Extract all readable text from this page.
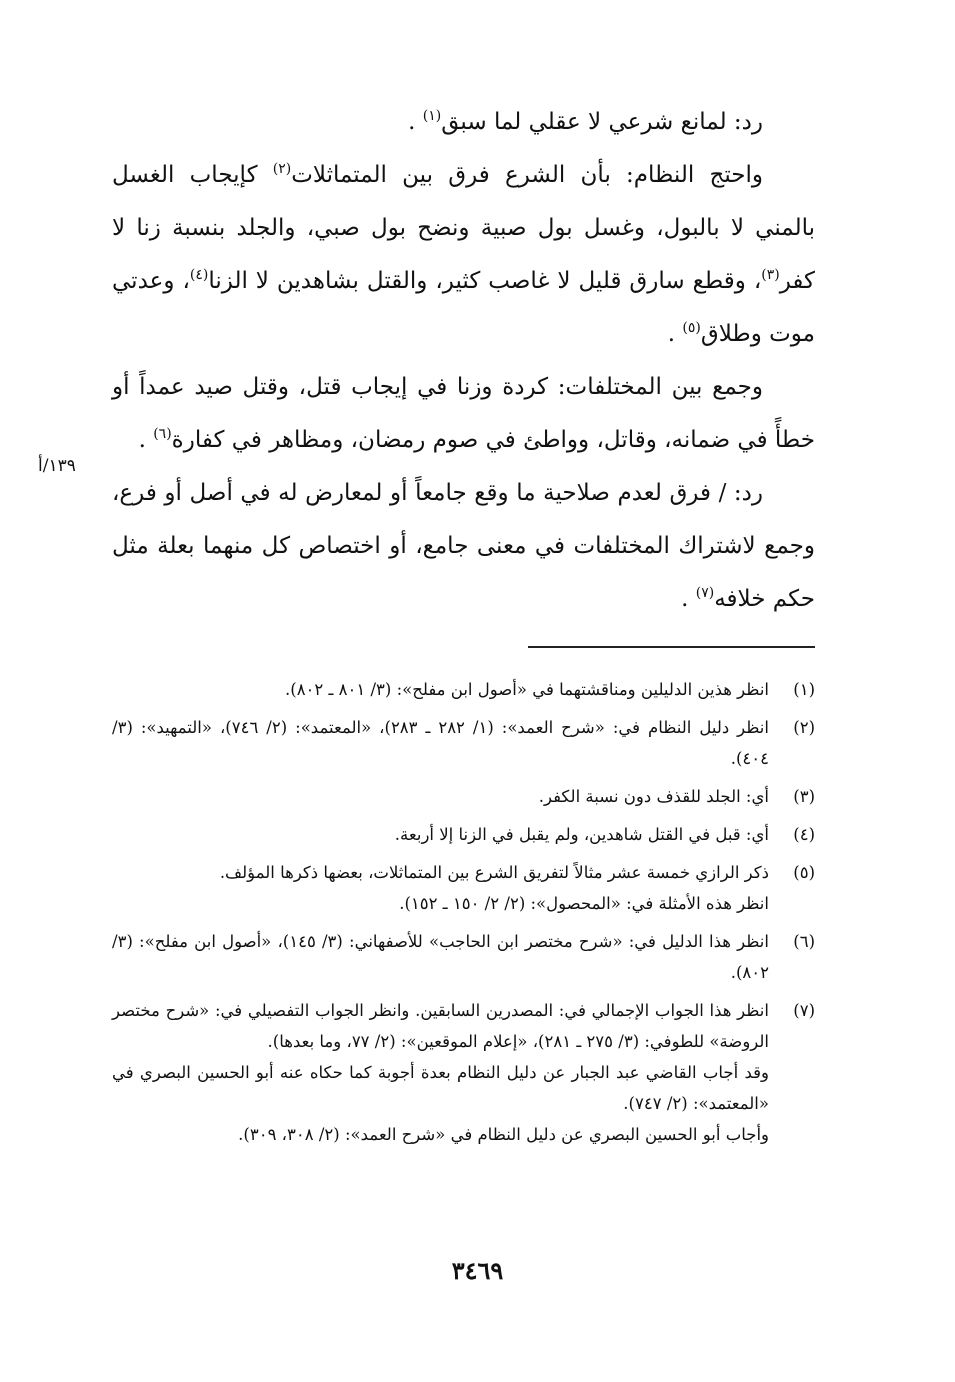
رد: لمانع شرعي لا عقلي لما سبق$^{(١)}$ .

واحتج النظام: بأن الشرع فرق بين المتماثلات$^{(٢)}$ كإيجاب الغسل بالمني لا بالبول، وغسل بول صبية ونضح بول صبي، والجلد بنسبة زنا لا كفر$^{(٣)}$، وقطع سارق قليل لا غاصب كثير، والقتل بشاهدين لا الزنا$^{(٤)}$، وعدتي موت وطلاق$^{(٥)}$ .

وجمع بين المختلفات: كردة وزنا في إيجاب قتل، وقتل صيد عمداً أو خطأً في ضمانه، وقاتل، وواطئ في صوم رمضان، ومظاهر في كفارة$^{(٦)}$ .

رد: / فرق لعدم صلاحية ما وقع جامعاً أو لمعارض له في أصل أو فرع، وجمع لاشتراك المختلفات في معنى جامع، أو اختصاص كل منهما بعلة مثل حكم خلافه$^{(٧)}$ .

١٣٩/أ
(١)

انظر هذين الدليلين ومناقشتهما في «أصول ابن مفلح»: (٣/ ٨٠١ ـ ٨٠٢).

(٢)

انظر دليل النظام في: «شرح العمد»: (١/ ٢٨٢ ـ ٢٨٣)، «المعتمد»: (٢/ ٧٤٦)، «التمهيد»: (٣/ ٤٠٤).

(٣)

أي: الجلد للقذف دون نسبة الكفر.

(٤)

أي: قبل في القتل شاهدين، ولم يقبل في الزنا إلا أربعة.

(٥)

ذكر الرازي خمسة عشر مثالاً لتفريق الشرع بين المتماثلات، بعضها ذكرها المؤلف.

انظر هذه الأمثلة في: «المحصول»: (٢/ ٢/ ١٥٠ ـ ١٥٢).

(٦)

انظر هذا الدليل في: «شرح مختصر ابن الحاجب» للأصفهاني: (٣/ ١٤٥)، «أصول ابن مفلح»: (٣/ ٨٠٢).

(٧)

انظر هذا الجواب الإجمالي في: المصدرين السابقين. وانظر الجواب التفصيلي في: «شرح مختصر الروضة» للطوفي: (٣/ ٢٧٥ ـ ٢٨١)، «إعلام الموقعين»: (٢/ ٧٧، وما بعدها).

وقد أجاب القاضي عبد الجبار عن دليل النظام بعدة أجوبة كما حكاه عنه أبو الحسين البصري في «المعتمد»: (٢/ ٧٤٧).

وأجاب أبو الحسين البصري عن دليل النظام في «شرح العمد»: (٢/ ٣٠٨، ٣٠٩).

٣٤٦٩
